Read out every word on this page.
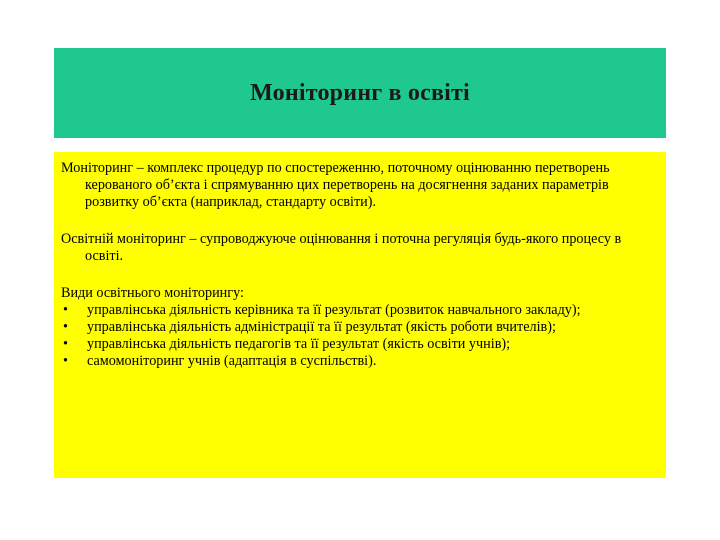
Моніторинг в освіті

Моніторинг – комплекс процедур по спостереженню, поточному оцінюванню перетворень керованого об’єкта і спрямуванню цих перетворень на досягнення заданих параметрів розвитку об’єкта (наприклад, стандарту освіти).

Освітній моніторинг – супроводжуюче оцінювання і поточна регуляція будь-якого процесу в освіті.

Види освітнього моніторингу:

•	управлінська діяльність керівника та її результат (розвиток навчального закладу);
•	управлінська діяльність адміністрації та її результат (якість роботи вчителів);
•	управлінська діяльність педагогів та її результат (якість освіти учнів);
•	самомоніторинг учнів (адаптація в суспільстві).
